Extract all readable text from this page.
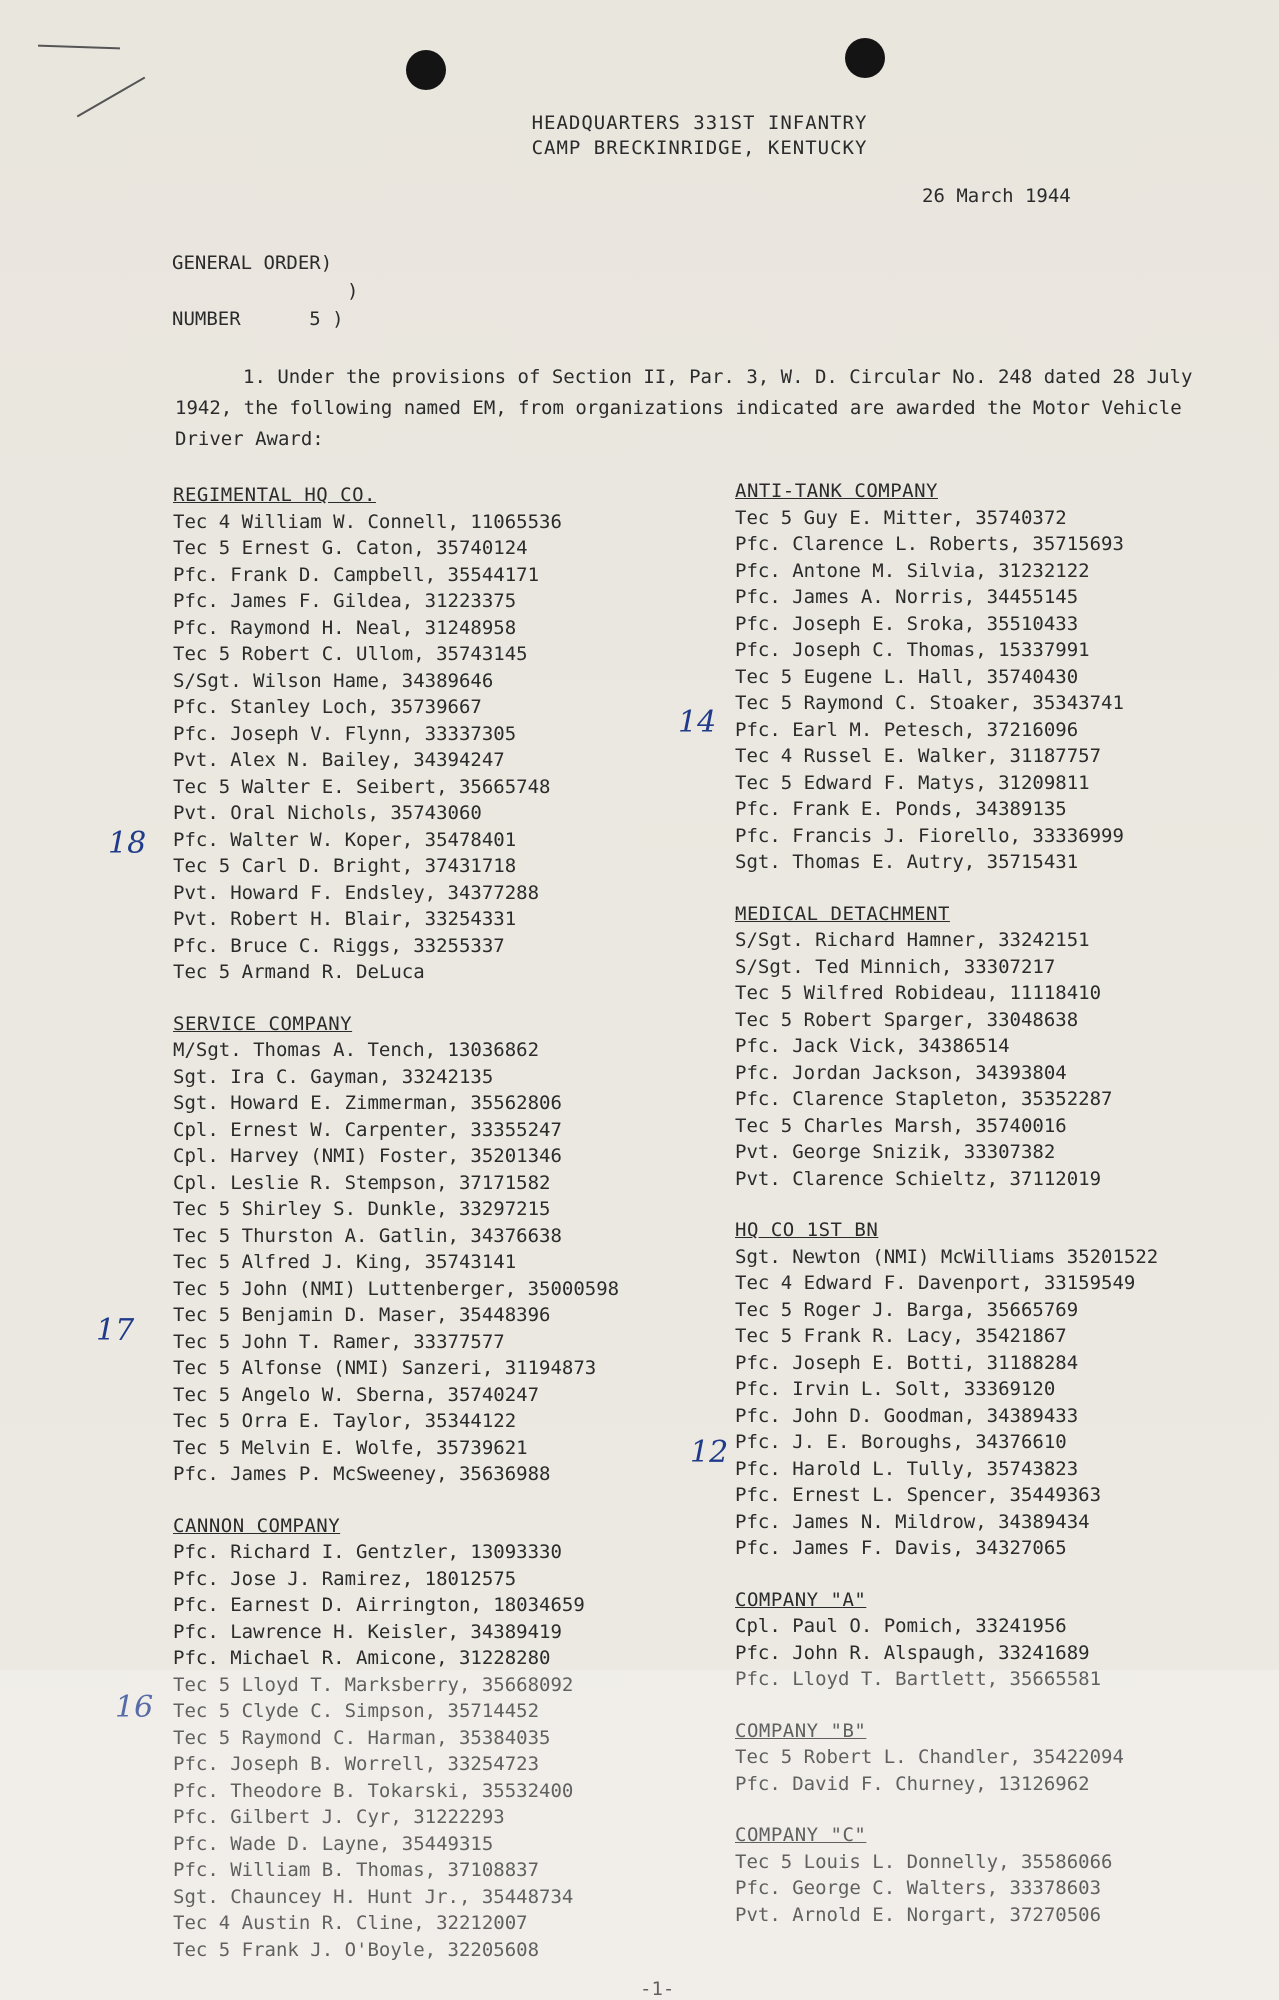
HEADQUARTERS 331ST INFANTRY
CAMP BRECKINRIDGE, KENTUCKY
26 March 1944
GENERAL ORDER)
)
NUMBER      5 )
1. Under the provisions of Section II, Par. 3, W. D. Circular No. 248 dated 28 July 1942, the following named EM, from organizations indicated are awarded the Motor Vehicle Driver Award:
REGIMENTAL HQ CO.
Tec 4 William W. Connell, 11065536
Tec 5 Ernest G. Caton, 35740124
Pfc. Frank D. Campbell, 35544171
Pfc. James F. Gildea, 31223375
Pfc. Raymond H. Neal, 31248958
Tec 5 Robert C. Ullom, 35743145
S/Sgt. Wilson Hame, 34389646
Pfc. Stanley Loch, 35739667
Pfc. Joseph V. Flynn, 33337305
Pvt. Alex N. Bailey, 34394247
Tec 5 Walter E. Seibert, 35665748
Pvt. Oral Nichols, 35743060
Pfc. Walter W. Koper, 35478401
Tec 5 Carl D. Bright, 37431718
Pvt. Howard F. Endsley, 34377288
Pvt. Robert H. Blair, 33254331
Pfc. Bruce C. Riggs, 33255337
Tec 5 Armand R. DeLuca
SERVICE COMPANY
M/Sgt. Thomas A. Tench, 13036862
Sgt. Ira C. Gayman, 33242135
Sgt. Howard E. Zimmerman, 35562806
Cpl. Ernest W. Carpenter, 33355247
Cpl. Harvey (NMI) Foster, 35201346
Cpl. Leslie R. Stempson, 37171582
Tec 5 Shirley S. Dunkle, 33297215
Tec 5 Thurston A. Gatlin, 34376638
Tec 5 Alfred J. King, 35743141
Tec 5 John (NMI) Luttenberger, 35000598
Tec 5 Benjamin D. Maser, 35448396
Tec 5 John T. Ramer, 33377577
Tec 5 Alfonse (NMI) Sanzeri, 31194873
Tec 5 Angelo W. Sberna, 35740247
Tec 5 Orra E. Taylor, 35344122
Tec 5 Melvin E. Wolfe, 35739621
Pfc. James P. McSweeney, 35636988
CANNON COMPANY
Pfc. Richard I. Gentzler, 13093330
Pfc. Jose J. Ramirez, 18012575
Pfc. Earnest D. Airrington, 18034659
Pfc. Lawrence H. Keisler, 34389419
Pfc. Michael R. Amicone, 31228280
Tec 5 Lloyd T. Marksberry, 35668092
Tec 5 Clyde C. Simpson, 35714452
Tec 5 Raymond C. Harman, 35384035
Pfc. Joseph B. Worrell, 33254723
Pfc. Theodore B. Tokarski, 35532400
Pfc. Gilbert J. Cyr, 31222293
Pfc. Wade D. Layne, 35449315
Pfc. William B. Thomas, 37108837
Sgt. Chauncey H. Hunt Jr., 35448734
Tec 4 Austin R. Cline, 32212007
Tec 5 Frank J. O'Boyle, 32205608
ANTI-TANK COMPANY
Tec 5 Guy E. Mitter, 35740372
Pfc. Clarence L. Roberts, 35715693
Pfc. Antone M. Silvia, 31232122
Pfc. James A. Norris, 34455145
Pfc. Joseph E. Sroka, 35510433
Pfc. Joseph C. Thomas, 15337991
Tec 5 Eugene L. Hall, 35740430
Tec 5 Raymond C. Stoaker, 35343741
Pfc. Earl M. Petesch, 37216096
Tec 4 Russel E. Walker, 31187757
Tec 5 Edward F. Matys, 31209811
Pfc. Frank E. Ponds, 34389135
Pfc. Francis J. Fiorello, 33336999
Sgt. Thomas E. Autry, 35715431
MEDICAL DETACHMENT
S/Sgt. Richard Hamner, 33242151
S/Sgt. Ted Minnich, 33307217
Tec 5 Wilfred Robideau, 11118410
Tec 5 Robert Sparger, 33048638
Pfc. Jack Vick, 34386514
Pfc. Jordan Jackson, 34393804
Pfc. Clarence Stapleton, 35352287
Tec 5 Charles Marsh, 35740016
Pvt. George Snizik, 33307382
Pvt. Clarence Schieltz, 37112019
HQ CO 1ST BN
Sgt. Newton (NMI) McWilliams 35201522
Tec 4 Edward F. Davenport, 33159549
Tec 5 Roger J. Barga, 35665769
Tec 5 Frank R. Lacy, 35421867
Pfc. Joseph E. Botti, 31188284
Pfc. Irvin L. Solt, 33369120
Pfc. John D. Goodman, 34389433
Pfc. J. E. Boroughs, 34376610
Pfc. Harold L. Tully, 35743823
Pfc. Ernest L. Spencer, 35449363
Pfc. James N. Mildrow, 34389434
Pfc. James F. Davis, 34327065
COMPANY "A"
Cpl. Paul O. Pomich, 33241956
Pfc. John R. Alspaugh, 33241689
Pfc. Lloyd T. Bartlett, 35665581
COMPANY "B"
Tec 5 Robert L. Chandler, 35422094
Pfc. David F. Churney, 13126962
COMPANY "C"
Tec 5 Louis L. Donnelly, 35586066
Pfc. George C. Walters, 33378603
Pvt. Arnold E. Norgart, 37270506
18
17
16
14
12
-1-
